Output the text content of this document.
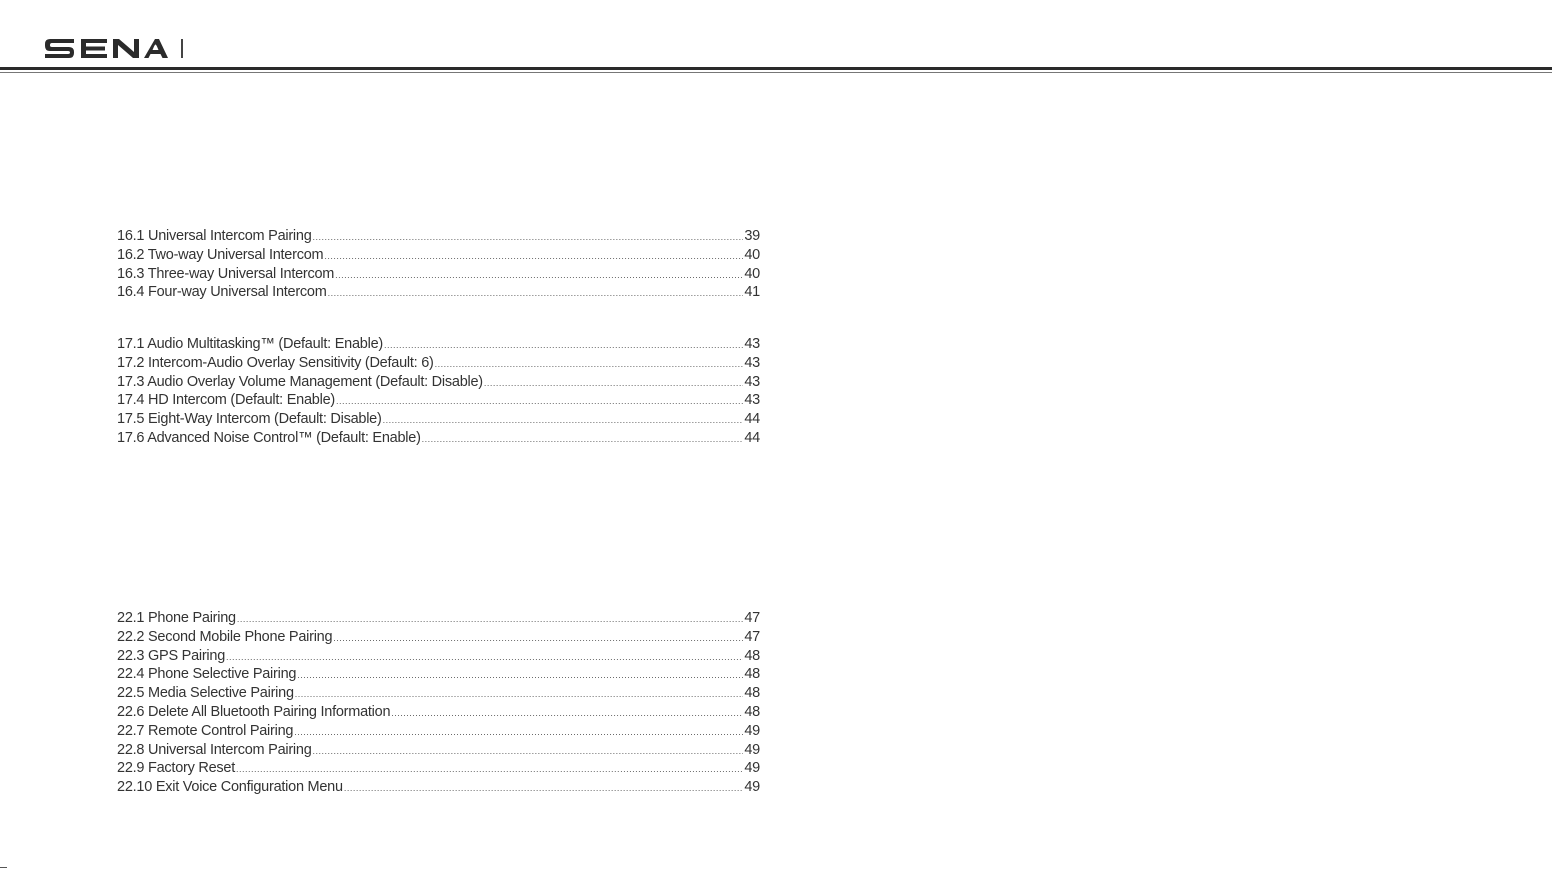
16.1 Universal Intercom Pairing .....	39
16.2 Two-way Universal Intercom .....	40
16.3 Three-way Universal Intercom .....	40
16.4 Four-way Universal Intercom .....	41
17.1 Audio Multitasking™ (Default: Enable) .....	43
17.2 Intercom-Audio Overlay Sensitivity (Default: 6) .....	43
17.3 Audio Overlay Volume Management (Default: Disable) .....	43
17.4 HD Intercom (Default: Enable) .....	43
17.5 Eight-Way Intercom (Default: Disable) .....	44
17.6 Advanced Noise Control™ (Default: Enable) .....	44
22.1 Phone Pairing .....	47
22.2 Second Mobile Phone Pairing .....	47
22.3 GPS Pairing .....	48
22.4 Phone Selective Pairing .....	48
22.5 Media Selective Pairing .....	48
22.6 Delete All Bluetooth Pairing Information .....	48
22.7 Remote Control Pairing .....	49
22.8 Universal Intercom Pairing .....	49
22.9 Factory Reset .....	49
22.10 Exit Voice Configuration Menu .....	49
